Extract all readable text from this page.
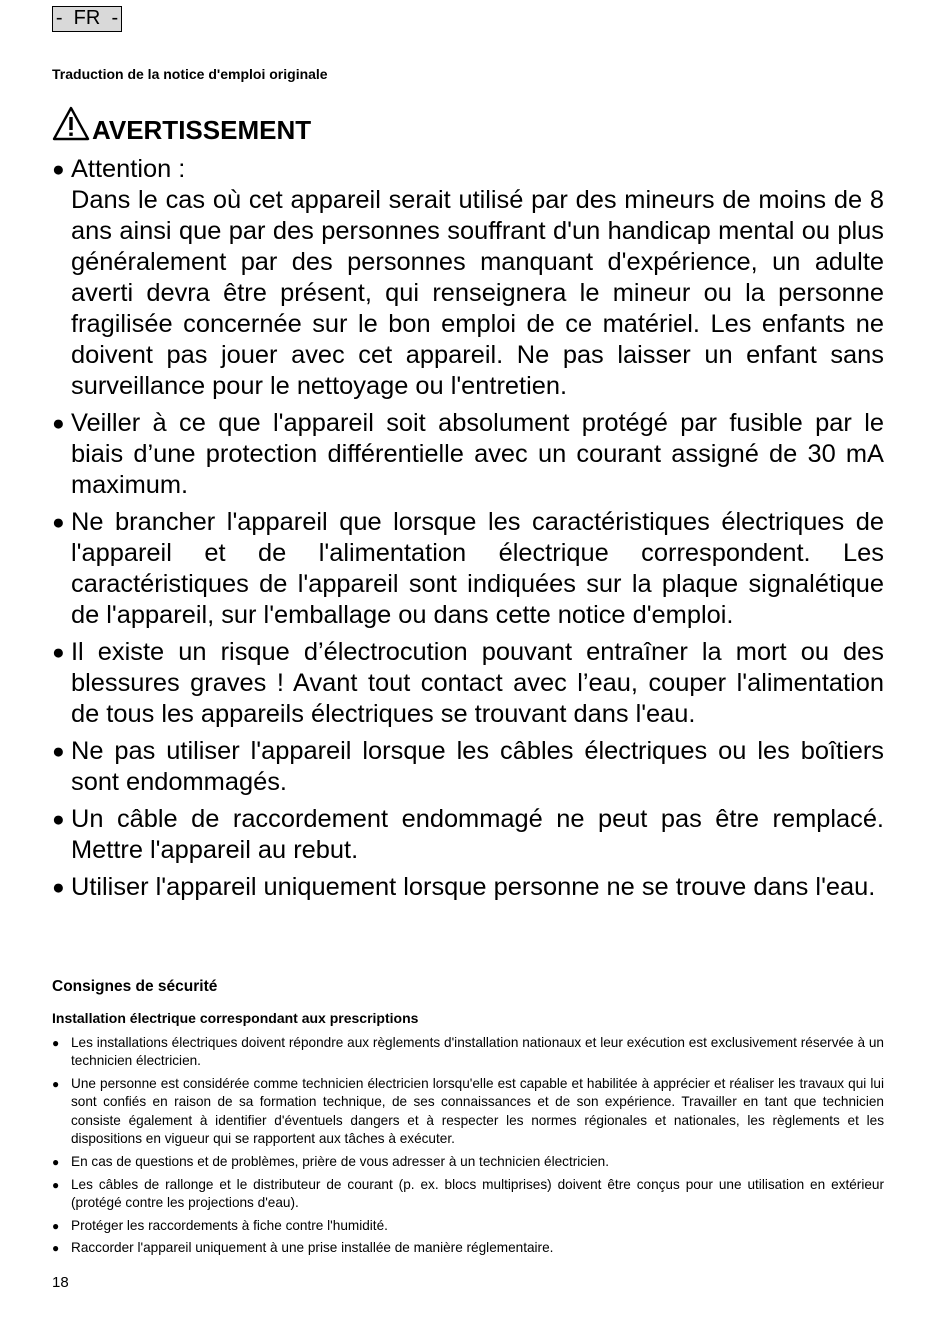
-  FR  -
Traduction de la notice d'emploi originale
AVERTISSEMENT
● Attention :
Dans le cas où cet appareil serait utilisé par des mineurs de moins de 8 ans ainsi que par des personnes souffrant d'un handicap mental ou plus généralement par des personnes manquant d'expérience, un adulte averti devra être présent, qui renseignera le mineur ou la personne fragilisée concernée sur le bon emploi de ce matériel. Les enfants ne doivent pas jouer avec cet appareil. Ne pas laisser un enfant sans surveillance pour le nettoyage ou l'entretien.
● Veiller à ce que l'appareil soit absolument protégé par fusible par le biais d’une protection différentielle avec un courant assigné de 30 mA maximum.
● Ne brancher l'appareil que lorsque les caractéristiques électriques de l'appareil et de l'alimentation électrique correspondent. Les caractéristiques de l'appareil sont indiquées sur la plaque signalétique de l'appareil, sur l'emballage ou dans cette notice d'emploi.
● Il existe un risque d’électrocution pouvant entraîner la mort ou des blessures graves ! Avant tout contact avec l’eau, couper l'alimentation de tous les appareils électriques se trouvant dans l'eau.
● Ne pas utiliser l'appareil lorsque les câbles électriques ou les boîtiers sont endommagés.
● Un câble de raccordement endommagé ne peut pas être remplacé. Mettre l'appareil au rebut.
● Utiliser l'appareil uniquement lorsque personne ne se trouve dans l'eau.
Consignes de sécurité
Installation électrique correspondant aux prescriptions
● Les installations électriques doivent répondre aux règlements d'installation nationaux et leur exécution est exclusivement réservée à un technicien électricien.
● Une personne est considérée comme technicien électricien lorsqu'elle est capable et habilitée à apprécier et réaliser les travaux qui lui sont confiés en raison de sa formation technique, de ses connaissances et de son expérience. Travailler en tant que technicien consiste également à identifier d'éventuels dangers et à respecter les normes régionales et nationales, les règlements et les dispositions en vigueur qui se rapportent aux tâches à exécuter.
● En cas de questions et de problèmes, prière de vous adresser à un technicien électricien.
● Les câbles de rallonge et le distributeur de courant (p. ex. blocs multiprises) doivent être conçus pour une utilisation en extérieur (protégé contre les projections d'eau).
● Protéger les raccordements à fiche contre l'humidité.
● Raccorder l'appareil uniquement à une prise installée de manière réglementaire.
18
